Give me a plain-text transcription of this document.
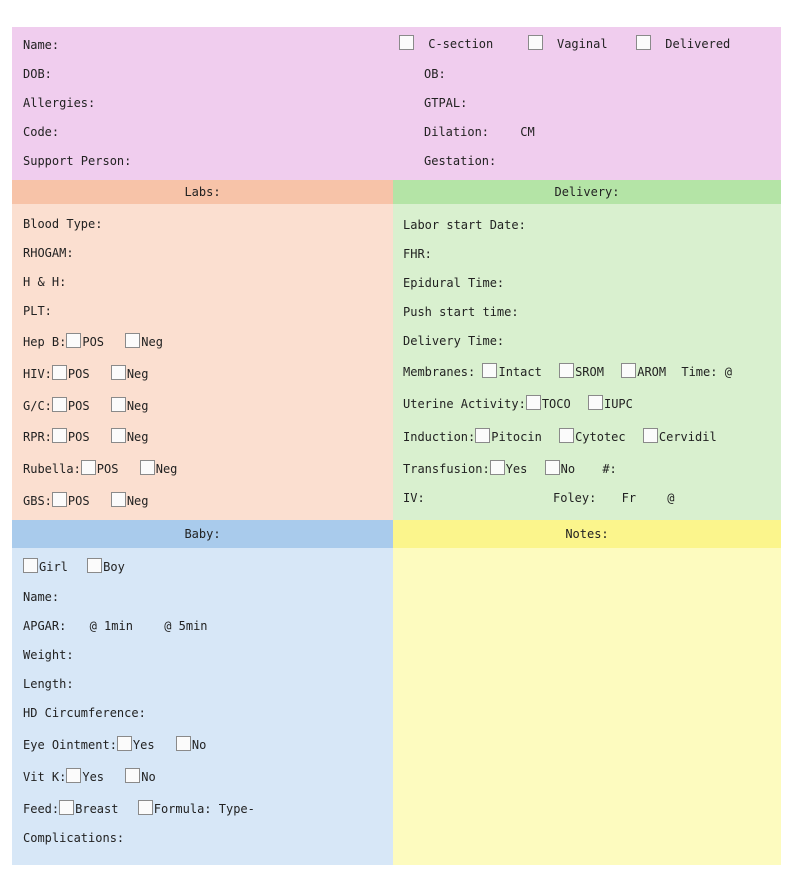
Name:
DOB:
Allergies:
Code:
Support Person:
C-section	Vaginal	Delivered
OB:
GTPAL:
Dilation:	CM
Gestation:
Labs:
Blood Type:
RHOGAM:
H & H:
PLT:
Hep B: POS	Neg
HIV: POS	Neg
G/C: POS	Neg
RPR: POS	Neg
Rubella: POS	Neg
GBS: POS	Neg
Delivery:
Labor start Date:
FHR:
Epidural Time:
Push start time:
Delivery Time:
Membranes: Intact	SROM	AROM Time: @
Uterine Activity: TOCO	IUPC
Induction: Pitocin	Cytotec	Cervidil
Transfusion: Yes	No #:
IV:	Foley: Fr	@
Baby:
Girl	Boy
Name:
APGAR: @ 1min	@ 5min
Weight:
Length:
HD Circumference:
Eye Ointment: Yes	No
Vit K: Yes	No
Feed: Breast	Formula: Type-
Complications:
Notes:
